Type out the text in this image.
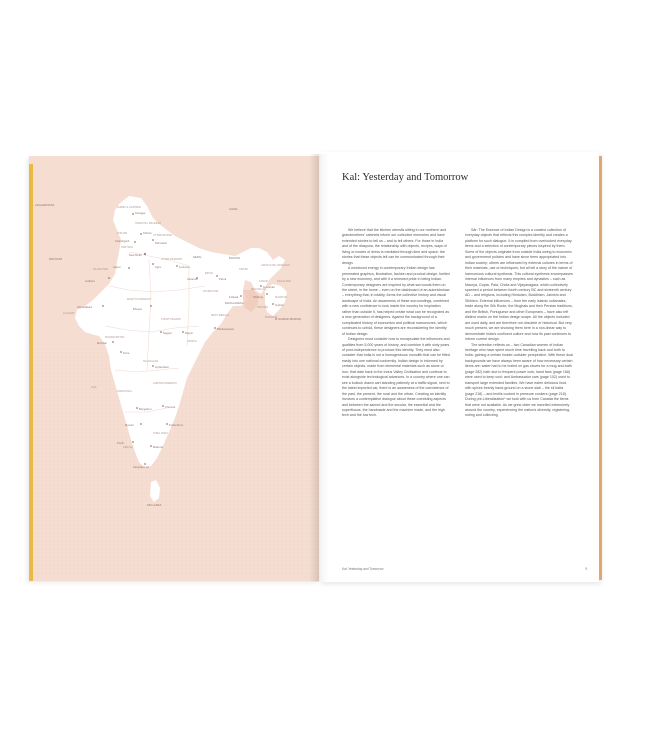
AFGHANISTAN
CHINA
PAKISTAN
NEPAL	BHUTAN
BANGLADESH
MYANMAR (BURMA)
SRI LANKA
JAMMU & KASHMIR
HIMACHAL PRADESH
PUNJAB
HARYANA
UTTARAKHAND
RAJASTHAN
UTTAR PRADESH
GUJARAT
MADHYA PRADESH
BIHAR
JHARKHAND
WEST BENGAL
SIKKIM
ARUNACHAL PRADESH
ASSAM
MEGHALAYA
NAGALAND
MANIPUR
TRIPURA
MIZORAM
CHHATTISGARH
ODISHA
MAHARASHTRA
TELANGANA
ANDHRA PRADESH
KARNATAKA
GOA
TAMIL NADU
KERALA
Srinagar
Shimla
Chandigarh
Dehradun
New Delhi
Jaipur	Agra	Lucknow
Varanasi
Jodhpur
Ahmedabad
Bhopal
Patna
Kolkata
Mumbai
Pune
Nagpur	Raipur
Bhubaneswar
Hyderabad
Bengaluru
Chennai
Mysuru
Kochi
Puducherry
Madurai
Shillong
Guwahati
Imphal
Kanyakumari
Kal: Yesterday and Tomorrow

We believe that the kitchen utensils sitting in our mothers' and grandmothers' cabinets inform our collective memories and have extended stories to tell us – and to tell others. For those in India and of the diaspora, the relationship with objects, recipes, ways of living or modes of dress is mediated through time and space: the stories that these objects tell can be communicated through their design.

A newfound energy in contemporary Indian design has permeated graphics, illustration, fashion and product design, fuelled by a new economy, and with it a renewed pride in being Indian. Contemporary designers are inspired by what surrounds them on the street, in the home – even on the dashboard of an autorickshaw – everything that, in totality, forms the collective history and visual landscape of India. An awareness of these surroundings, combined with a new confidence to look inside the country for inspiration rather than outside it, has helped create what can be recognized as a new generation of designers. Against the background of a complicated history of economics and political manoeuvres, which continues to unfold, these designers are reconsidering the identity of Indian design.

Designers must consider how to encapsulate the influences and qualities from 5,000 years of history, and combine it with sixty years of post-independence to produce this identity. They must also consider that India is not a homogeneous monolith that can be fitted easily into one national conformity. Indian design is informed by certain objects, made from elemental materials such as stone or iron, that date back to the Indus Valley Civilisation and continue to exist alongside technological advances. In a country where one can see a bullock drawn cart standing patiently at a traffic signal, next to the latest imported car, there is an awareness of the coexistence of the past, the present, the rural and the urban. Creating an identity involves a contemplative dialogue about these coexisting aspects and between the sacred and the secular, the essential and the superfluous, the handmade and the machine made, and the high tech and the low tech.

Sār: The Essence of Indian Design is a curated collection of everyday objects that reflects this complex identity and creates a platform for such dialogue. It is compiled from overlooked everyday items and a selection of contemporary pieces inspired by them. Some of the objects originate from outside India owing to economic and government policies and have since been appropriated into Indian society; others are influenced by external cultures in terms of their materials, use or techniques; but all tell a story of the nature of harmonious cultural synthesis. This cultural synthesis encompasses internal influences from many empires and dynasties – such as Maurya, Gupta, Pala, Chola and Vijayanagara, which collectively spanned a period between fourth century BC and sixteenth century AD – and religions, including Hinduism, Buddhism, Jainism and Sikhism. External influences – from the early Islamic sultanates, trade along the Silk Route, the Mughals and their Persian traditions, and the British, Portuguese and other Europeans – have also left distinct marks on the Indian design scape. All the objects included are used daily, and are therefore not obsolete or historical. But very much present, we are showing them here in a non-linear way to demonstrate India's confluent culture and how its past continues to inform current design.

The selection reflects us – two Canadian women of Indian heritage who have spent much time travelling back and forth to India, gaining a certain insider-outsider perspective. With these dual backgrounds we have always been aware of how necessary certain items are: water had to be boiled on gas stoves for a mug-and-bath (page 282) bath due to frequent power cuts; hand fans (page 168) were used to keep cool; and Ambassador cars (page 102) used to transport large extended families. We have eaten delicious food with spices freshly hand-ground on a stone slab – the sil batta (page 218) – and lentils cooked in pressure cookers (page 218). During pre-Liberalization* we took with us from Canada the items that were not available. As we grew older we travelled extensively around the country, experiencing the nation's diversity, registering, noting and collecting

Kal: Yesterday and Tomorrow	9
